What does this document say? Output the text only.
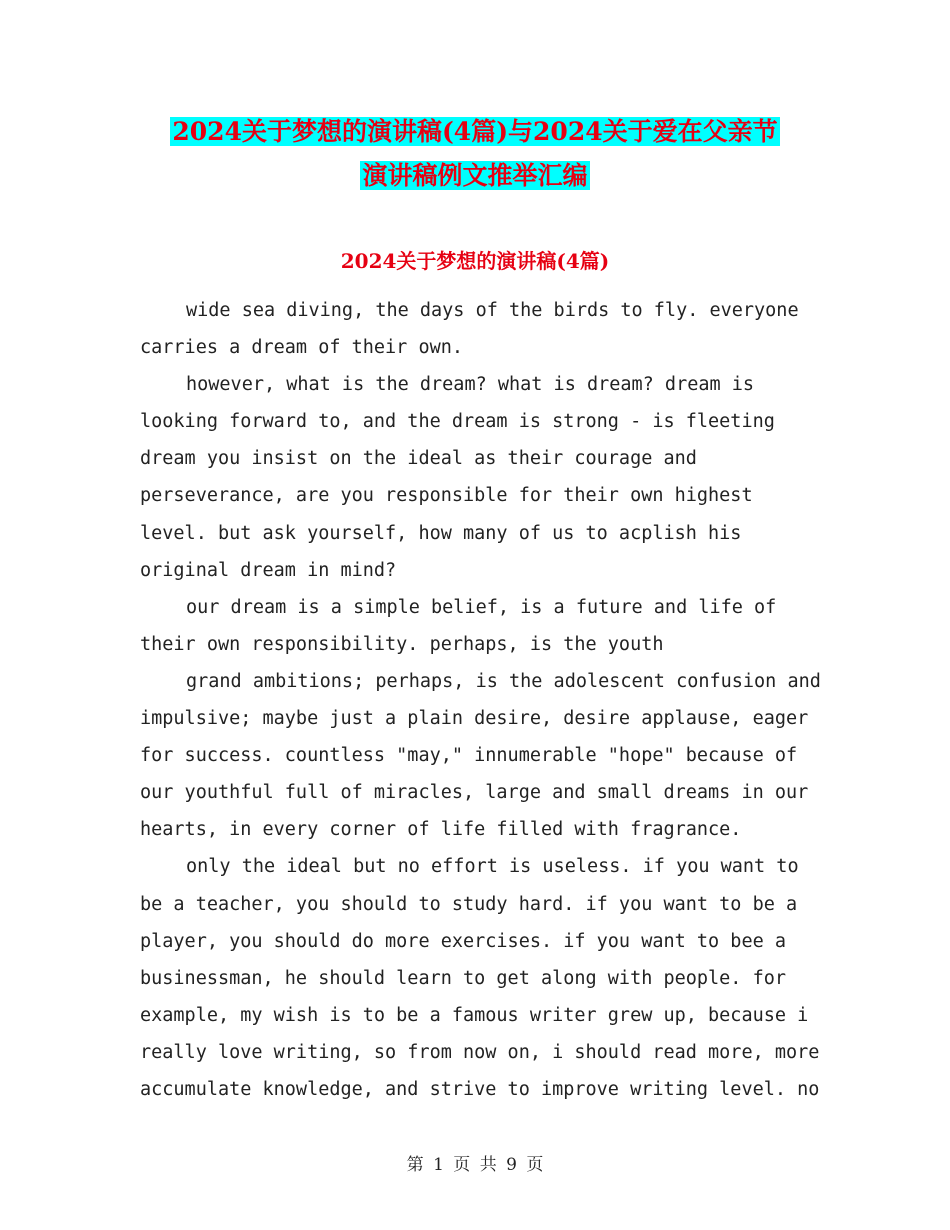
2024关于梦想的演讲稿(4篇)与2024关于爱在父亲节
演讲稿例文推举汇编
2024关于梦想的演讲稿(4篇)
wide sea diving, the days of the birds to fly. everyone
carries a dream of their own.
however, what is the dream? what is dream? dream is
looking forward to, and the dream is strong - is fleeting
dream you insist on the ideal as their courage and
perseverance, are you responsible for their own highest
level. but ask yourself, how many of us to acplish his
original dream in mind?
our dream is a simple belief, is a future and life of
their own responsibility. perhaps, is the youth
grand ambitions; perhaps, is the adolescent confusion and
impulsive; maybe just a plain desire, desire applause, eager
for success. countless "may," innumerable "hope" because of
our youthful full of miracles, large and small dreams in our
hearts, in every corner of life filled with fragrance.
only the ideal but no effort is useless. if you want to
be a teacher, you should to study hard. if you want to be a
player, you should do more exercises. if you want to bee a
businessman, he should learn to get along with people. for
example, my wish is to be a famous writer grew up, because i
really love writing, so from now on, i should read more, more
accumulate knowledge, and strive to improve writing level. no
第 1 页 共 9 页
